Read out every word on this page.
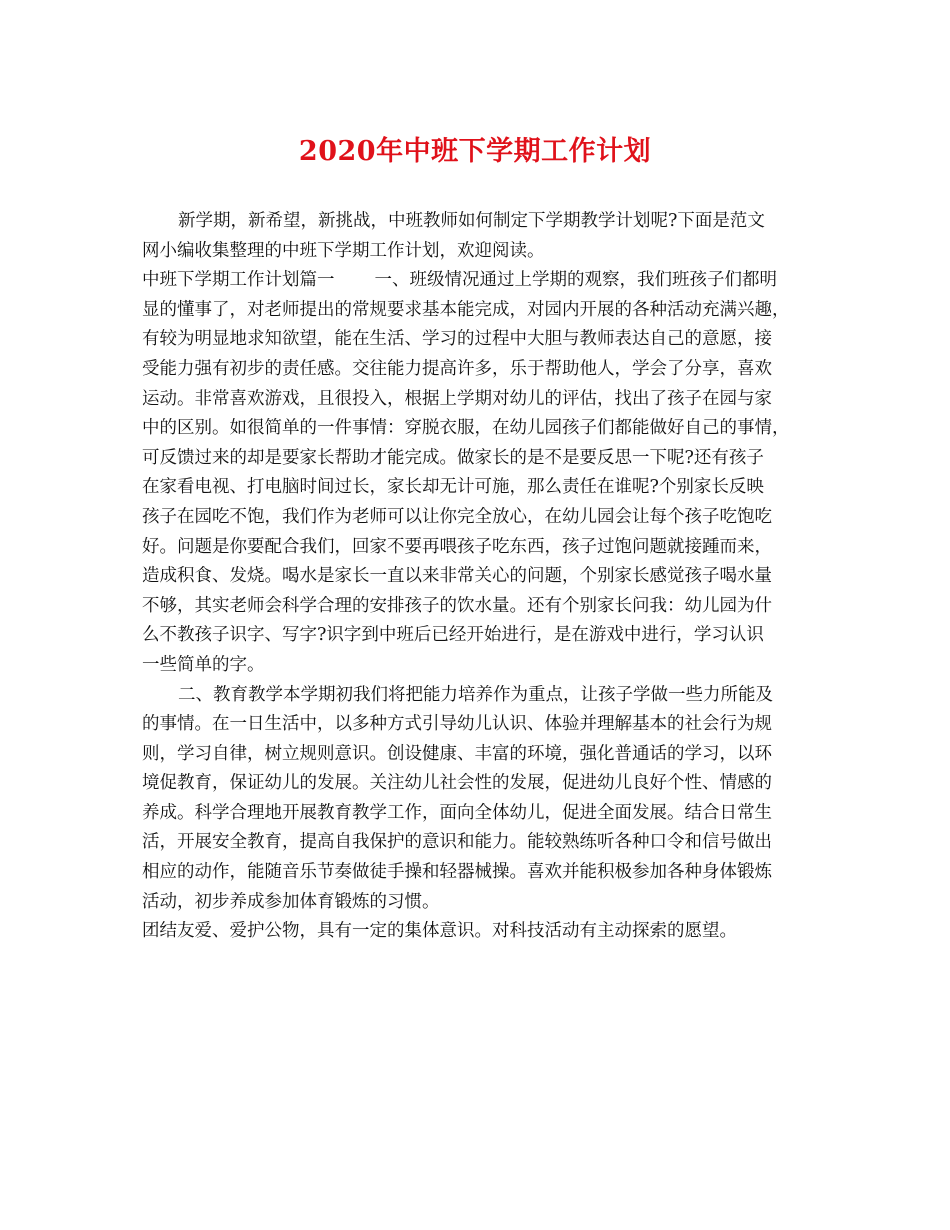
2020年中班下学期工作计划
新学期，新希望，新挑战，中班教师如何制定下学期教学计划呢?下面是范文
网小编收集整理的中班下学期工作计划，欢迎阅读。
中班下学期工作计划篇一 一、班级情况通过上学期的观察，我们班孩子们都明
显的懂事了，对老师提出的常规要求基本能完成，对园内开展的各种活动充满兴趣，
有较为明显地求知欲望，能在生活、学习的过程中大胆与教师表达自己的意愿，接
受能力强有初步的责任感。交往能力提高许多，乐于帮助他人，学会了分享，喜欢
运动。非常喜欢游戏，且很投入，根据上学期对幼儿的评估，找出了孩子在园与家
中的区别。如很简单的一件事情：穿脱衣服，在幼儿园孩子们都能做好自己的事情，
可反馈过来的却是要家长帮助才能完成。做家长的是不是要反思一下呢?还有孩子
在家看电视、打电脑时间过长，家长却无计可施，那么责任在谁呢?个别家长反映
孩子在园吃不饱，我们作为老师可以让你完全放心，在幼儿园会让每个孩子吃饱吃
好。问题是你要配合我们，回家不要再喂孩子吃东西，孩子过饱问题就接踵而来，
造成积食、发烧。喝水是家长一直以来非常关心的问题，个别家长感觉孩子喝水量
不够，其实老师会科学合理的安排孩子的饮水量。还有个别家长问我：幼儿园为什
么不教孩子识字、写字?识字到中班后已经开始进行，是在游戏中进行，学习认识
一些简单的字。
二、教育教学本学期初我们将把能力培养作为重点，让孩子学做一些力所能及
的事情。在一日生活中，以多种方式引导幼儿认识、体验并理解基本的社会行为规
则，学习自律，树立规则意识。创设健康、丰富的环境，强化普通话的学习，以环
境促教育，保证幼儿的发展。关注幼儿社会性的发展，促进幼儿良好个性、情感的
养成。科学合理地开展教育教学工作，面向全体幼儿，促进全面发展。结合日常生
活，开展安全教育，提高自我保护的意识和能力。能较熟练听各种口令和信号做出
相应的动作，能随音乐节奏做徒手操和轻器械操。喜欢并能积极参加各种身体锻炼
活动，初步养成参加体育锻炼的习惯。
团结友爱、爱护公物，具有一定的集体意识。对科技活动有主动探索的愿望。
